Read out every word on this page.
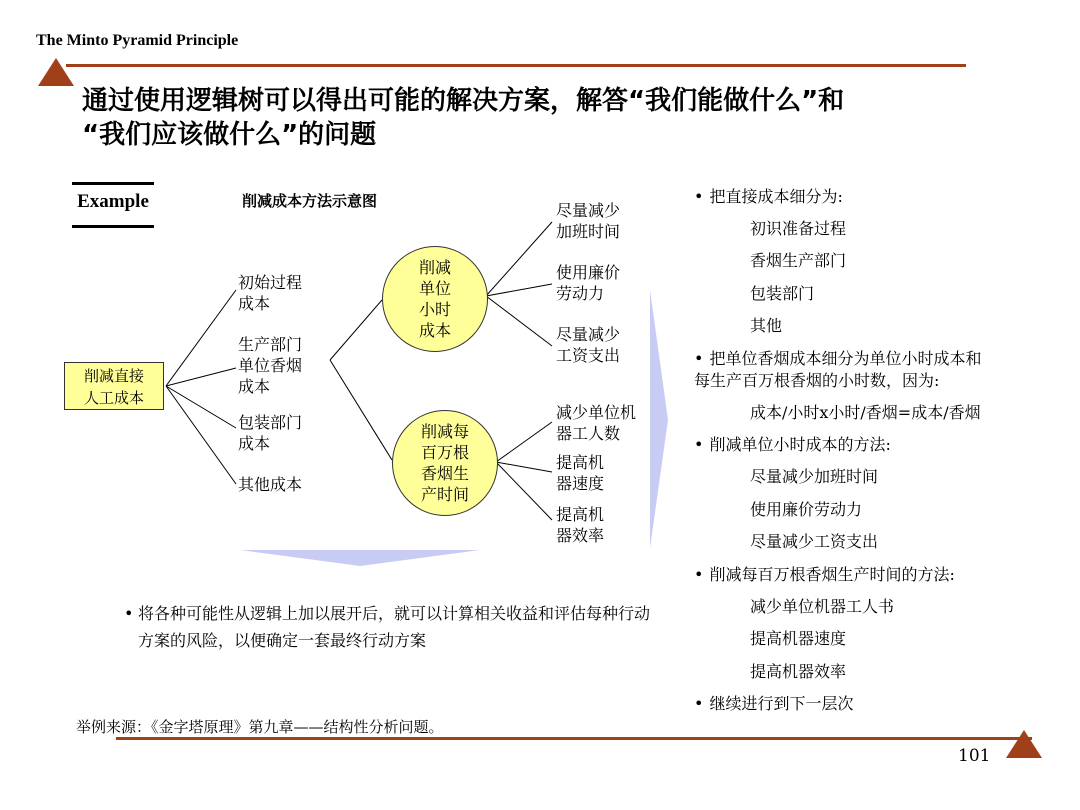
The Minto Pyramid Principle
通过使用逻辑树可以得出可能的解决方案，解答“我们能做什么”和
“我们应该做什么”的问题
Example	削减成本方法示意图
削减直接
人工成本
初始过程
成本
生产部门
单位香烟
成本
包装部门
成本
其他成本
削减
单位
小时
成本
削减每
百万根
香烟生
产时间
尽量减少
加班时间
使用廉价
劳动力
尽量减少
工资支出
减少单位机
器工人数
提高机
器速度
提高机
器效率
• 把直接成本细分为:
初识准备过程
香烟生产部门
包装部门
其他
• 把单位香烟成本细分为单位小时成本和
每生产百万根香烟的小时数，因为:
成本/小时x小时/香烟=成本/香烟
• 削减单位小时成本的方法:
尽量减少加班时间
使用廉价劳动力
尽量减少工资支出
• 削减每百万根香烟生产时间的方法:
减少单位机器工人书
提高机器速度
提高机器效率
• 继续进行到下一层次
• 将各种可能性从逻辑上加以展开后，就可以计算相关收益和评估每种行动方案的风险，以便确定一套最终行动方案
举例来源：《金字塔原理》第九章——结构性分析问题。
101
